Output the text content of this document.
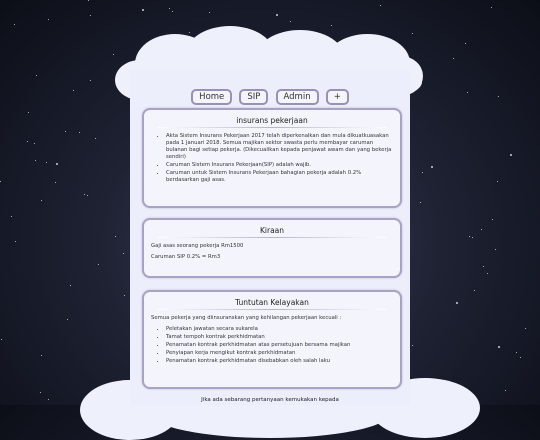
Home	SIP	Admin	+
insurans pekerjaan
• Akta Sistem Insurans Pekerjaan 2017 telah diperkenalkan dan mula dikuatkuasakan pada 1 Januari 2018. Semua majikan sektor swasta perlu membayar caruman bulanan bagi setiap pekerja. (Dikecualikan kepada penjawat awam dan yang bekerja sendiri)
• Caruman Sistem Insurans Pekerjaan(SIP) adalah wajib.
• Caruman untuk Sistem Insurans Pekerjaan bahagian pekerja adalah 0.2% berdasarkan gaji asas.
Kiraan

Gaji asas seorang pekerja Rm1500

Caruman SIP 0.2% = Rm3

Tuntutan Kelayakan

Semua pekerja yang diinsuranskan yang kehilangan pekerjaan kecuali :

• Peletakan jawatan secara sukarela
• Tamat tempoh kontrak perkhidmatan
• Penamatan kontrak perkhidmatan atas persetujuan bersama majikan
• Penyiapan kerja mengikut kontrak perkhidmatan
• Penamatan kontrak perkhidmatan disebabkan oleh salah laku
Jika ada sebarang pertanyaan kemukakan kepada
